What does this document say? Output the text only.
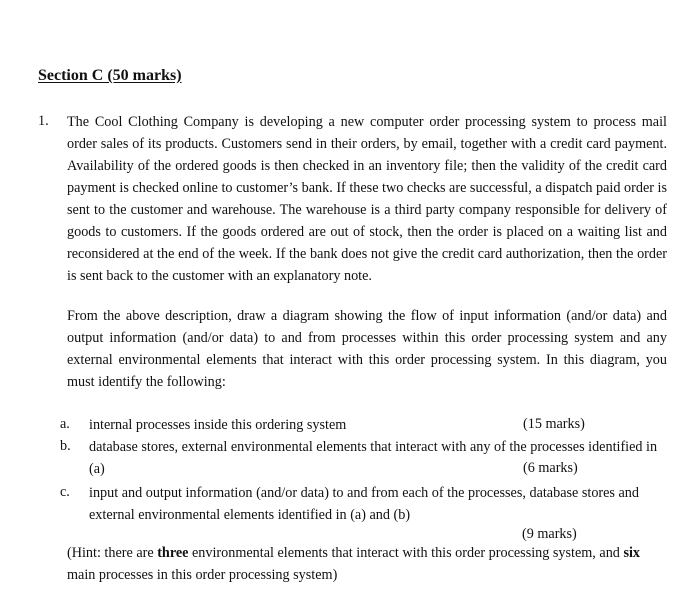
Section C (50 marks)
1. The Cool Clothing Company is developing a new computer order processing system to process mail order sales of its products. Customers send in their orders, by email, together with a credit card payment. Availability of the ordered goods is then checked in an inventory file; then the validity of the credit card payment is checked online to customer’s bank. If these two checks are successful, a dispatch paid order is sent to the customer and warehouse. The warehouse is a third party company responsible for delivery of goods to customers. If the goods ordered are out of stock, then the order is placed on a waiting list and reconsidered at the end of the week. If the bank does not give the credit card authorization, then the order is sent back to the customer with an explanatory note.

From the above description, draw a diagram showing the flow of input information (and/or data) and output information (and/or data) to and from processes within this order processing system and any external environmental elements that interact with this order processing system. In this diagram, you must identify the following:

a. internal processes inside this ordering system	(15 marks)
b. database stores, external environmental elements that interact with any of the processes identified in

(a)	(6 marks)
c. input and output information (and/or data) to and from each of the processes, database stores and

external environmental elements identified in (a) and (b)

(9 marks)

(Hint: there are three environmental elements that interact with this order processing system, and six main processes in this order processing system)
